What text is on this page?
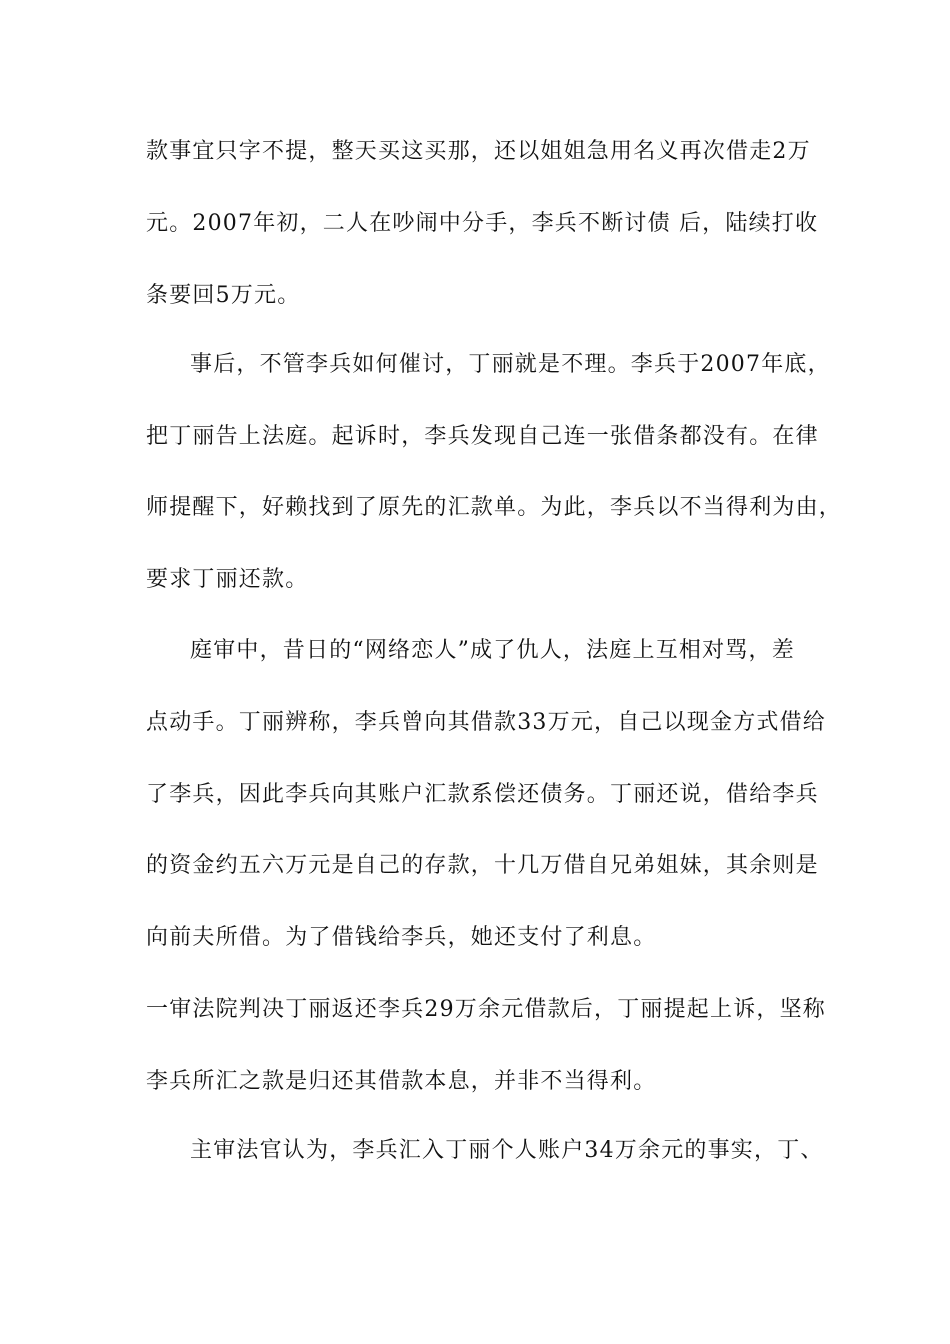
款事宜只字不提，整天买这买那，还以姐姐急用名义再次借走2万
元。2007年初，二人在吵闹中分手，李兵不断讨债 后，陆续打收
条要回5万元。
事后，不管李兵如何催讨，丁丽就是不理。李兵于2007年底，
把丁丽告上法庭。起诉时，李兵发现自己连一张借条都没有。在律
师提醒下，好赖找到了原先的汇款单。为此，李兵以不当得利为由，
要求丁丽还款。
庭审中，昔日的“网络恋人”成了仇人，法庭上互相对骂，差
点动手。丁丽辨称，李兵曾向其借款33万元，自己以现金方式借给
了李兵，因此李兵向其账户汇款系偿还债务。丁丽还说，借给李兵
的资金约五六万元是自己的存款，十几万借自兄弟姐妹，其余则是
向前夫所借。为了借钱给李兵，她还支付了利息。
一审法院判决丁丽返还李兵29万余元借款后，丁丽提起上诉，坚称
李兵所汇之款是归还其借款本息，并非不当得利。
主审法官认为，李兵汇入丁丽个人账户34万余元的事实，丁、
